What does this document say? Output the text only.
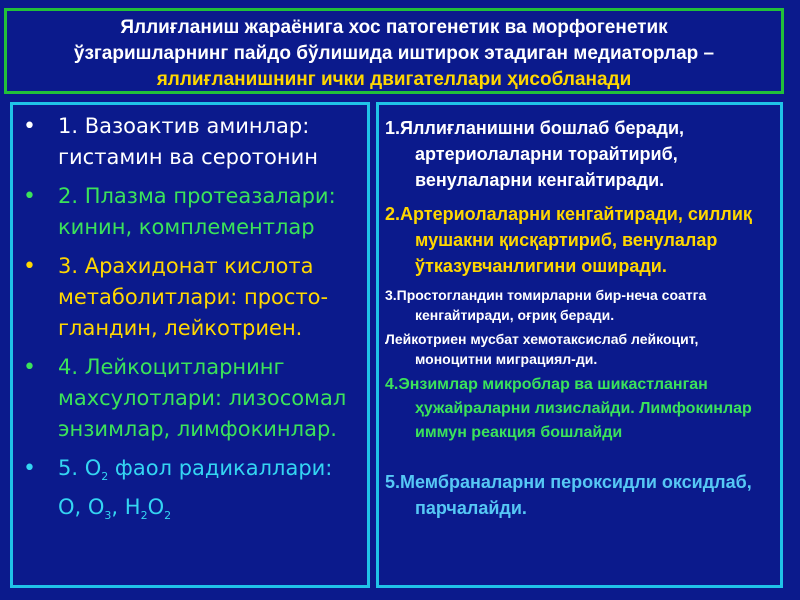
Яллиғланиш жараёнига хос патогенетик ва морфогенетик
ўзгаришларнинг пайдо бўлишида иштирок этадиган медиаторлар –
яллиғланишнинг ички двигателлари ҳисобланади
• 1. Вазоактив аминлар: гистамин ва серотонин
• 2. Плазма протеазалари: кинин, комплементлар
• 3. Арахидонат кислота метаболитлари: просто-гландин, лейкотриен.
• 4. Лейкоцитларнинг махсулотлари: лизосомал энзимлар, лимфокинлар.
• 5. $О_2$ фаол радикаллари: О, $О_3$, $Н_2О_2$
1.Яллиғланишни бошлаб беради, артериолаларни торайтириб, венулаларни кенгайтиради.
2.Артериолаларни кенгайтиради, силлиқ мушакни қисқартириб, венулалар ўтказувчанлигини оширади.
3.Простогландин томирларни бир-неча соатга кенгайтиради, оғриқ беради.
Лейкотриен мусбат хемотаксислаб лейкоцит, моноцитни миграциял-ди.
4.Энзимлар микроблар ва шикастланган ҳужайраларни лизислайди. Лимфокинлар иммун реакция бошлайди
5.Мембраналарни пероксидли оксидлаб, парчалайди.
